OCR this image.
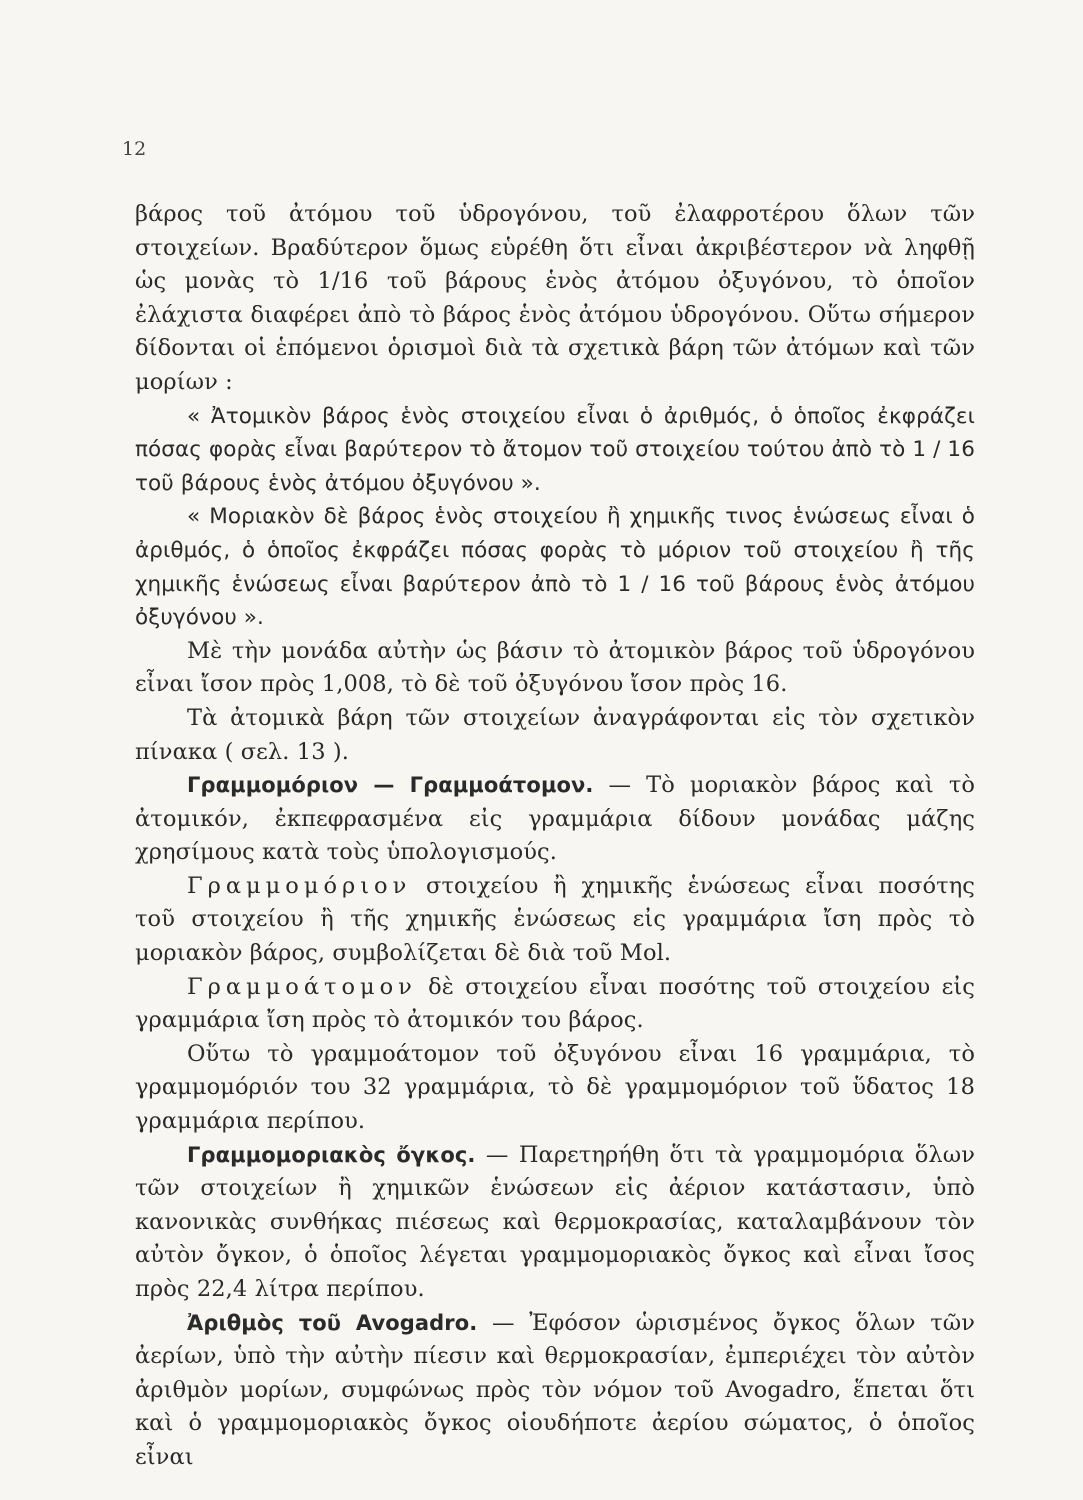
12

βάρος τοῦ ἀτόμου τοῦ ὑδρογόνου, τοῦ ἐλαφροτέρου ὅλων τῶν στοιχείων. Βραδύτερον ὅμως εὑρέθη ὅτι εἶναι ἀκριβέστερον νὰ ληφθῇ ὡς μονὰς τὸ 1/16 τοῦ βάρους ἑνὸς ἀτόμου ὀξυγόνου, τὸ ὁποῖον ἐλάχιστα διαφέρει ἀπὸ τὸ βάρος ἑνὸς ἀτόμου ὑδρογόνου. Οὕτω σήμερον δίδονται οἱ ἑπόμενοι ὁρισμοὶ διὰ τὰ σχετικὰ βάρη τῶν ἀτόμων καὶ τῶν μορίων :

« Ἀτομικὸν βάρος ἑνὸς στοιχείου εἶναι ὁ ἀριθμός, ὁ ὁποῖος ἐκφράζει πόσας φορὰς εἶναι βαρύτερον τὸ ἄτομον τοῦ στοιχείου τούτου ἀπὸ τὸ 1 / 16 τοῦ βάρους ἑνὸς ἀτόμου ὀξυγόνου ».

« Μοριακὸν δὲ βάρος ἑνὸς στοιχείου ἢ χημικῆς τινος ἑνώσεως εἶναι ὁ ἀριθμός, ὁ ὁποῖος ἐκφράζει πόσας φορὰς τὸ μόριον τοῦ στοιχείου ἢ τῆς χημικῆς ἑνώσεως εἶναι βαρύτερον ἀπὸ τὸ 1 / 16 τοῦ βάρους ἑνὸς ἀτόμου ὀξυγόνου ».

Μὲ τὴν μονάδα αὐτὴν ὡς βάσιν τὸ ἀτομικὸν βάρος τοῦ ὑδρογόνου εἶναι ἴσον πρὸς 1,008, τὸ δὲ τοῦ ὀξυγόνου ἴσον πρὸς 16.

Τὰ ἀτομικὰ βάρη τῶν στοιχείων ἀναγράφονται εἰς τὸν σχετικὸν πίνακα ( σελ. 13 ).

Γραμμομόριον — Γραμμοάτομον. — Τὸ μοριακὸν βάρος καὶ τὸ ἀτομικόν, ἐκπεφρασμένα εἰς γραμμάρια δίδουν μονάδας μάζης χρησίμους κατὰ τοὺς ὑπολογισμούς.

Γραμμομόριον στοιχείου ἢ χημικῆς ἑνώσεως εἶναι ποσότης τοῦ στοιχείου ἢ τῆς χημικῆς ἑνώσεως εἰς γραμμάρια ἴση πρὸς τὸ μοριακὸν βάρος, συμβολίζεται δὲ διὰ τοῦ Mol.

Γραμμοάτομον δὲ στοιχείου εἶναι ποσότης τοῦ στοιχείου εἰς γραμμάρια ἴση πρὸς τὸ ἀτομικόν του βάρος.

Οὕτω τὸ γραμμοάτομον τοῦ ὀξυγόνου εἶναι 16 γραμμάρια, τὸ γραμμομόριόν του 32 γραμμάρια, τὸ δὲ γραμμομόριον τοῦ ὕδατος 18 γραμμάρια περίπου.

Γραμμομοριακὸς ὄγκος. — Παρετηρήθη ὅτι τὰ γραμμομόρια ὅλων τῶν στοιχείων ἢ χημικῶν ἑνώσεων εἰς ἀέριον κατάστασιν, ὑπὸ κανονικὰς συνθήκας πιέσεως καὶ θερμοκρασίας, καταλαμβάνουν τὸν αὐτὸν ὄγκον, ὁ ὁποῖος λέγεται γραμμομοριακὸς ὄγκος καὶ εἶναι ἴσος πρὸς 22,4 λίτρα περίπου.

Ἀριθμὸς τοῦ Avogadro. — Ἐφόσον ὡρισμένος ὄγκος ὅλων τῶν ἀερίων, ὑπὸ τὴν αὐτὴν πίεσιν καὶ θερμοκρασίαν, ἐμπεριέχει τὸν αὐτὸν ἀριθμὸν μορίων, συμφώνως πρὸς τὸν νόμον τοῦ Avogadro, ἕπεται ὅτι καὶ ὁ γραμμομοριακὸς ὄγκος οἱουδήποτε ἀερίου σώματος, ὁ ὁποῖος εἶναι
